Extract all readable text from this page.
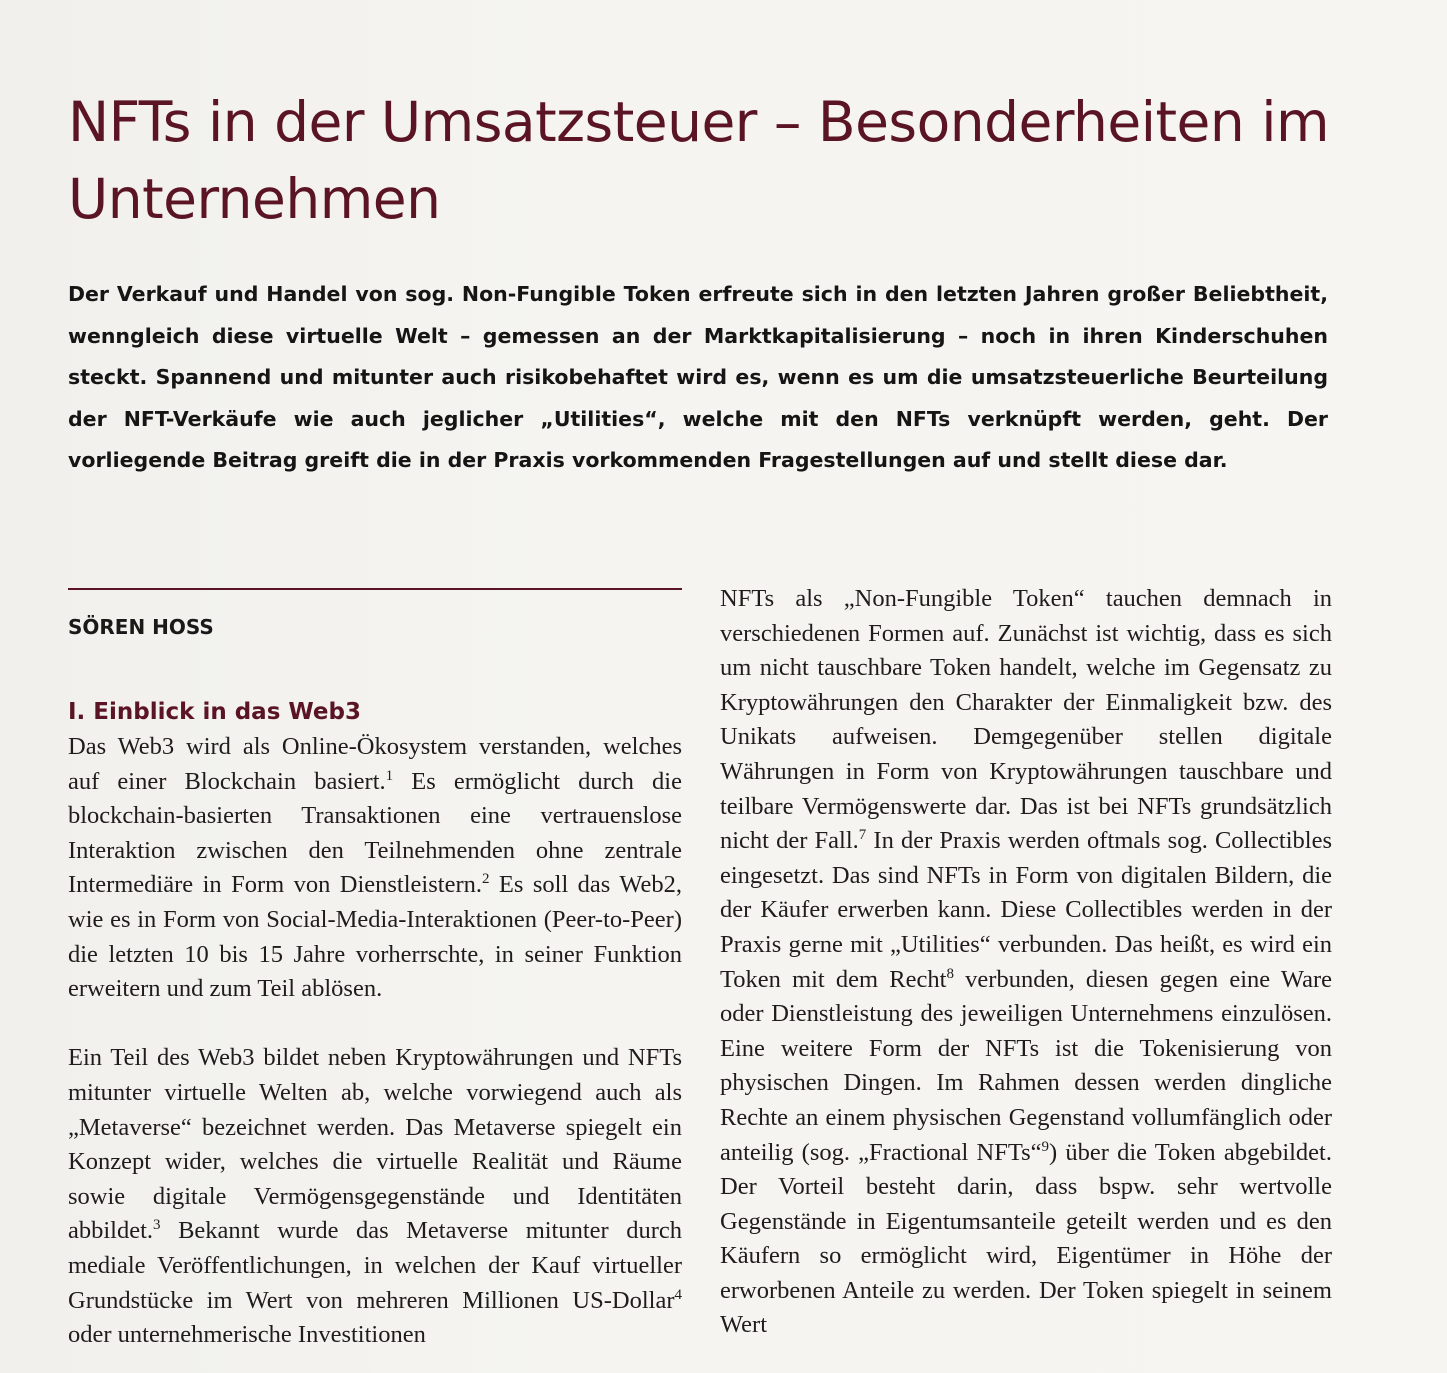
NFTs in der Umsatzsteuer – Besonderheiten im Unternehmen

Der Verkauf und Handel von sog. Non-Fungible Token erfreute sich in den letzten Jahren großer Beliebtheit, wenngleich diese virtuelle Welt – gemessen an der Marktkapitalisierung – noch in ihren Kinderschuhen steckt. Spannend und mitunter auch risikobehaftet wird es, wenn es um die umsatzsteuerliche Beurteilung der NFT-Verkäufe wie auch jeglicher „Utilities“, welche mit den NFTs verknüpft werden, geht. Der vorliegende Beitrag greift die in der Praxis vorkommenden Fragestellungen auf und stellt diese dar.

SÖREN HOSS

I. Einblick in das Web3

Das Web3 wird als Online-Ökosystem verstanden, welches auf einer Blockchain basiert.$^1$ Es ermöglicht durch die blockchain-basierten Transaktionen eine vertrauenslose Interaktion zwischen den Teilnehmenden ohne zentrale Intermediäre in Form von Dienstleistern.$^2$ Es soll das Web2, wie es in Form von Social-Media-Interaktionen (Peer-to-Peer) die letzten 10 bis 15 Jahre vorherrschte, in seiner Funktion erweitern und zum Teil ablösen.

Ein Teil des Web3 bildet neben Kryptowährungen und NFTs mitunter virtuelle Welten ab, welche vorwiegend auch als „Metaverse“ bezeichnet werden. Das Metaverse spiegelt ein Konzept wider, welches die virtuelle Realität und Räume sowie digitale Vermögensgegenstände und Identitäten abbildet.$^3$ Bekannt wurde das Metaverse mitunter durch mediale Veröffentlichungen, in welchen der Kauf virtueller Grundstücke im Wert von mehreren Millionen US-Dollar$^4$ oder unternehmerische Investitionen

NFTs als „Non-Fungible Token“ tauchen demnach in verschiedenen Formen auf. Zunächst ist wichtig, dass es sich um nicht tauschbare Token handelt, welche im Gegensatz zu Kryptowährungen den Charakter der Einmaligkeit bzw. des Unikats aufweisen. Demgegenüber stellen digitale Währungen in Form von Kryptowährungen tauschbare und teilbare Vermögenswerte dar. Das ist bei NFTs grundsätzlich nicht der Fall.$^7$ In der Praxis werden oftmals sog. Collectibles eingesetzt. Das sind NFTs in Form von digitalen Bildern, die der Käufer erwerben kann. Diese Collectibles werden in der Praxis gerne mit „Utilities“ verbunden. Das heißt, es wird ein Token mit dem Recht$^8$ verbunden, diesen gegen eine Ware oder Dienstleistung des jeweiligen Unternehmens einzulösen. Eine weitere Form der NFTs ist die Tokenisierung von physischen Dingen. Im Rahmen dessen werden dingliche Rechte an einem physischen Gegenstand vollumfänglich oder anteilig (sog. „Fractional NFTs“$^9$) über die Token abgebildet. Der Vorteil besteht darin, dass bspw. sehr wertvolle Gegenstände in Eigentumsanteile geteilt werden und es den Käufern so ermöglicht wird, Eigentümer in Höhe der erworbenen Anteile zu werden. Der Token spiegelt in seinem Wert
